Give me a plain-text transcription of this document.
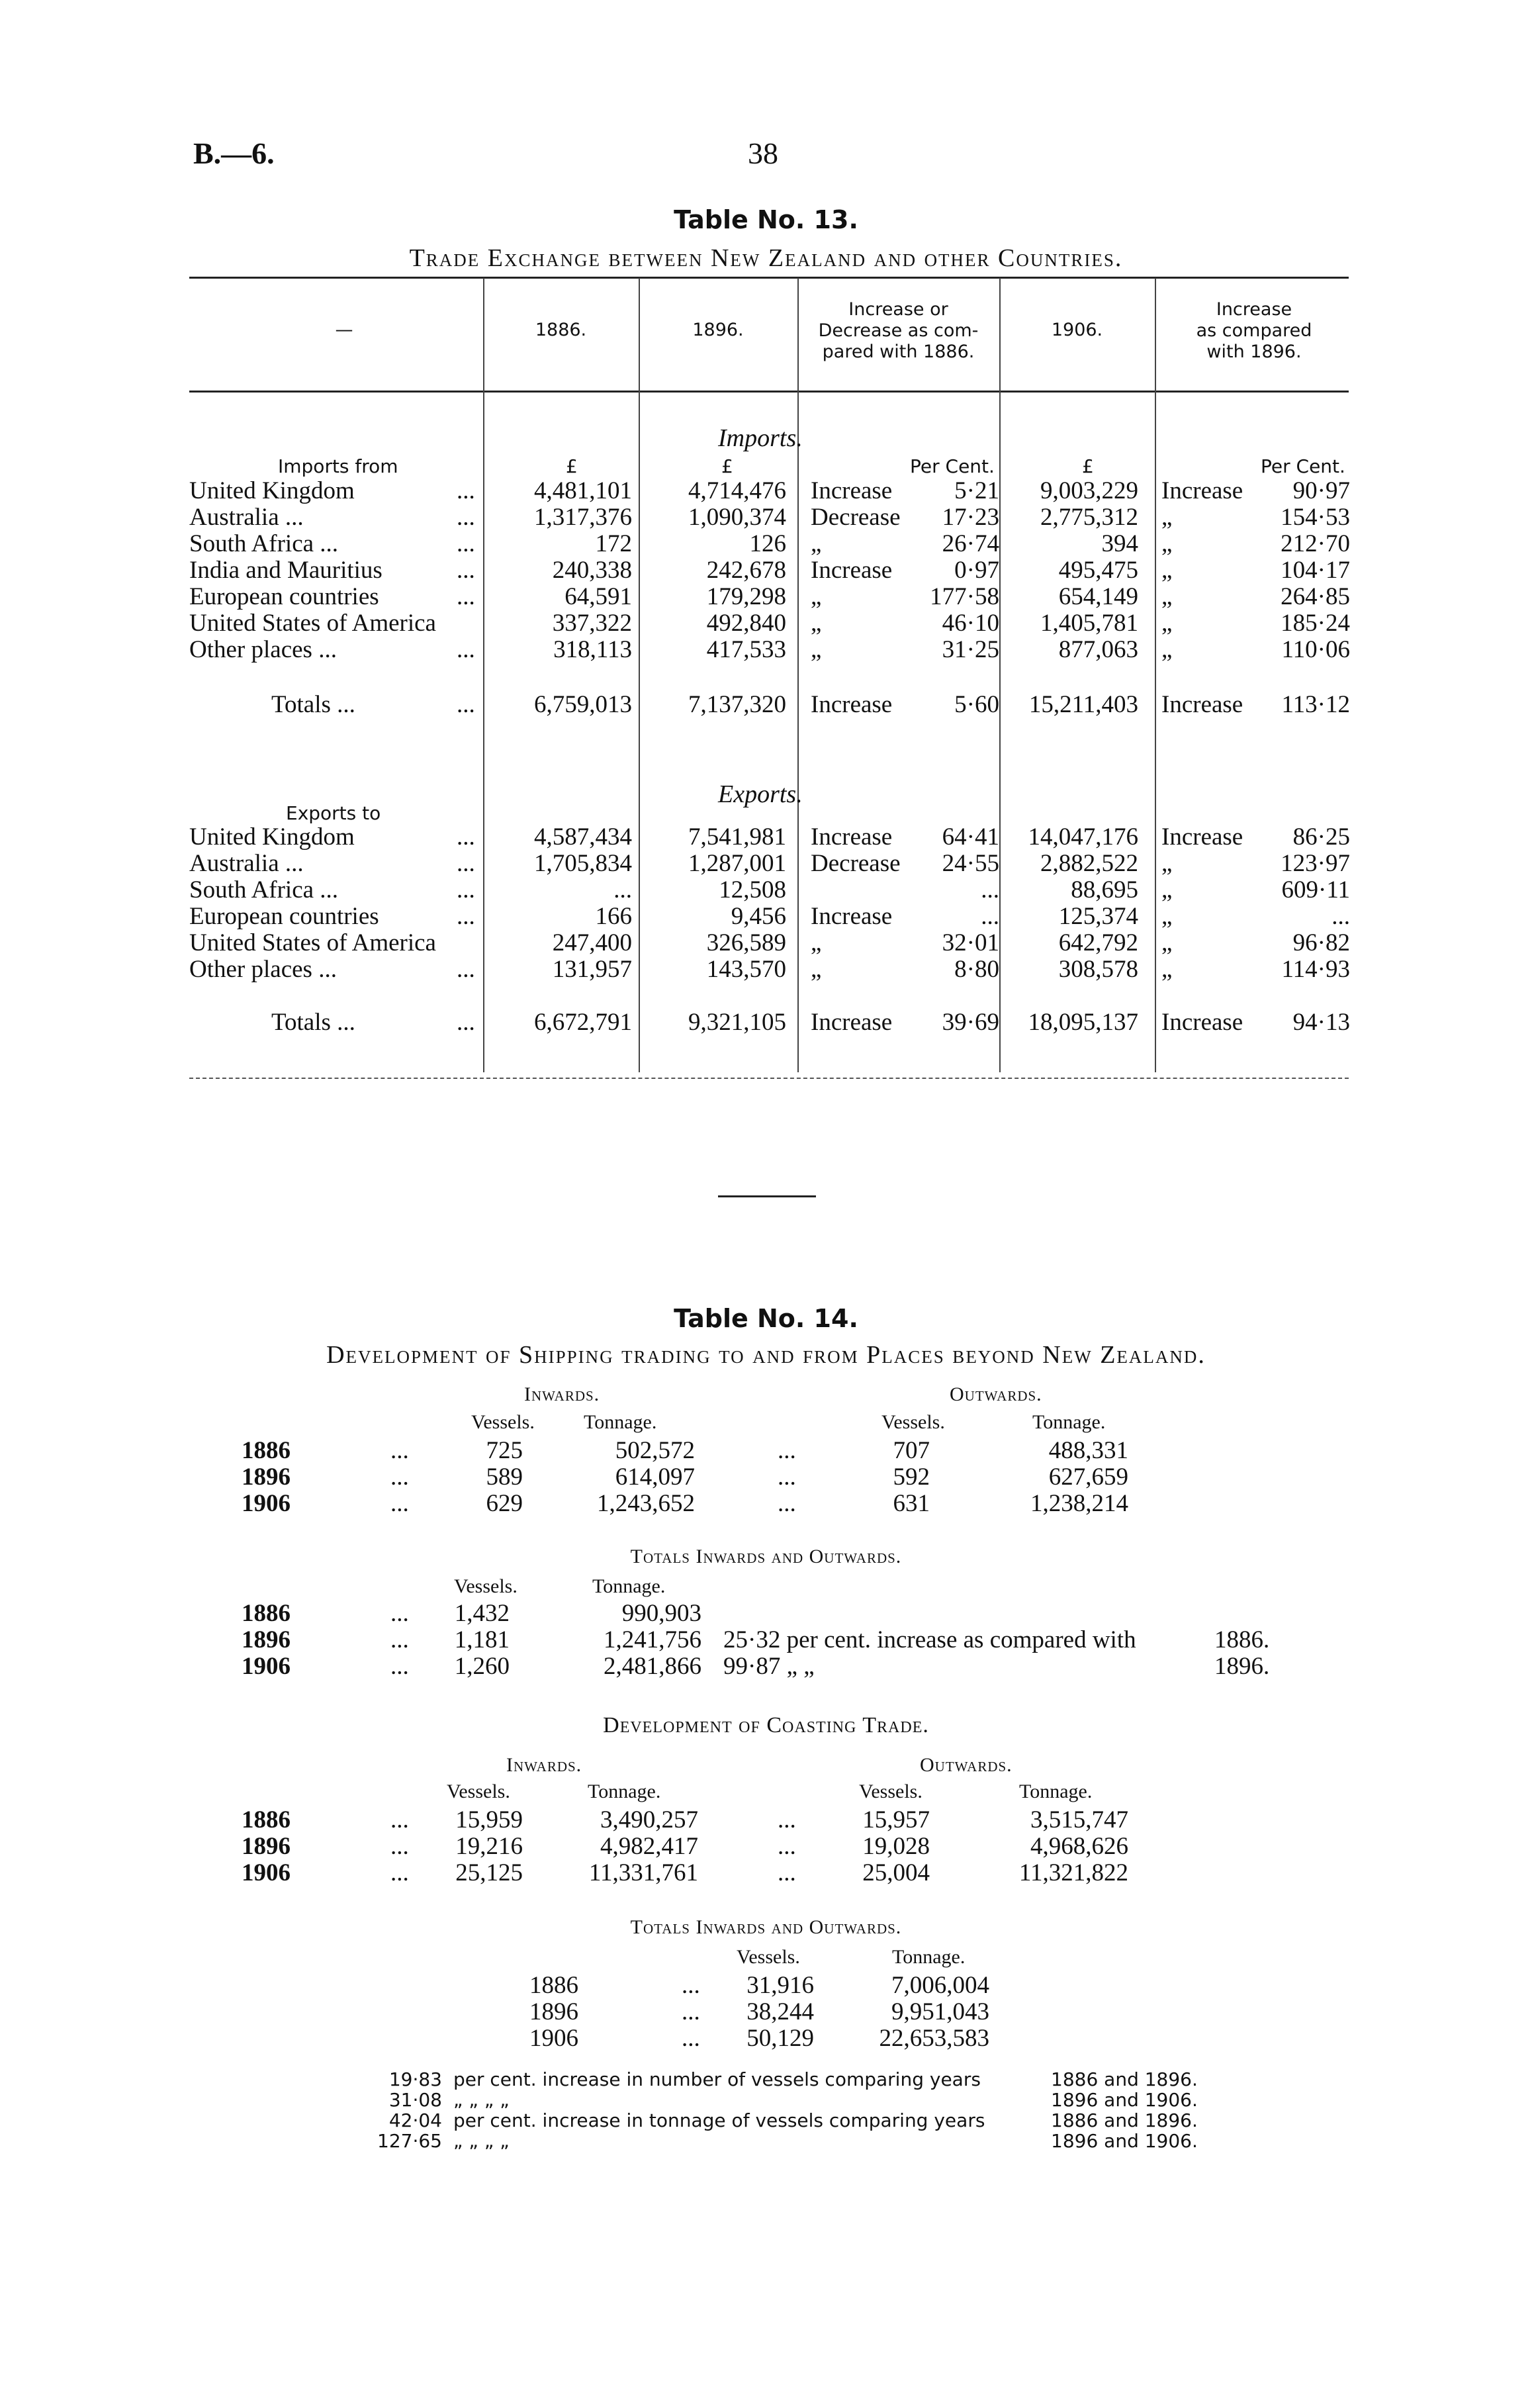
B.—6.	38
Table No. 13.
Trade Exchange between New Zealand and other Countries.
—	1886.	1896.
Increase or
Decrease as com-
pared with 1886.
1906.
Increase
as compared
with 1896.
Imports.
Imports from	£	£	Per Cent.	£	Per Cent.
United Kingdom	...	4,481,101	4,714,476 Increase	5·21	9,003,229 Increase	90·97
Australia ...	...	1,317,376	1,090,374 Decrease	17·23	2,775,312 „	154·53
South Africa ...	...	172	126 „	26·74	394 „	212·70
India and Mauritius	...	240,338	242,678 Increase	0·97	495,475 „	104·17
European countries	...	64,591	179,298 „	177·58	654,149 „	264·85
United States of America	337,322	492,840 „	46·10	1,405,781 „	185·24
Other places ...	...	318,113	417,533 „	31·25	877,063 „	110·06
Totals ...	...	6,759,013	7,137,320 Increase	5·60	15,211,403 Increase	113·12
Exports.
Exports to
United Kingdom	...	4,587,434	7,541,981 Increase	64·41	14,047,176 Increase	86·25
Australia ...	...	1,705,834	1,287,001 Decrease	24·55	2,882,522 „	123·97
South Africa ...	...	...	12,508	...	88,695 „	609·11
European countries	...	166	9,456 Increase	...	125,374 „	...
United States of America	247,400	326,589 „	32·01	642,792 „	96·82
Other places ...	...	131,957	143,570 „	8·80	308,578 „	114·93
Totals ...	...	6,672,791	9,321,105 Increase	39·69	18,095,137 Increase	94·13
Table No. 14.
Development of Shipping trading to and from Places beyond New Zealand.
Inwards.	Outwards.
Vessels. Tonnage.	Vessels.	Tonnage.
1886	...	725	502,572	...	707	488,331
1896	...	589	614,097	...	592	627,659
1906	...	629	1,243,652	...	631	1,238,214
Totals Inwards and Outwards.
Vessels.	Tonnage.
1886	...	1,432	990,903
1896	...	1,181	1,241,756 25·32 per cent. increase as compared with	1886.
1906	...	1,260	2,481,866 99·87 „ „	1896.
Development of Coasting Trade.
Inwards.	Outwards.
Vessels.	Tonnage.	Vessels.	Tonnage.
1886	...	15,959	3,490,257	...	15,957	3,515,747
1896	...	19,216	4,982,417	...	19,028	4,968,626
1906	...	25,125	11,331,761	...	25,004	11,321,822
Totals Inwards and Outwards.
Vessels.	Tonnage.
1886	...	31,916	7,006,004
1896	...	38,244	9,951,043
1906	...	50,129	22,653,583
19·83 per cent. increase in number of vessels comparing years	1886 and 1896.
31·08 „ „ „ „	1896 and 1906.
42·04 per cent. increase in tonnage of vessels comparing years	1886 and 1896.
127·65 „ „ „ „	1896 and 1906.
